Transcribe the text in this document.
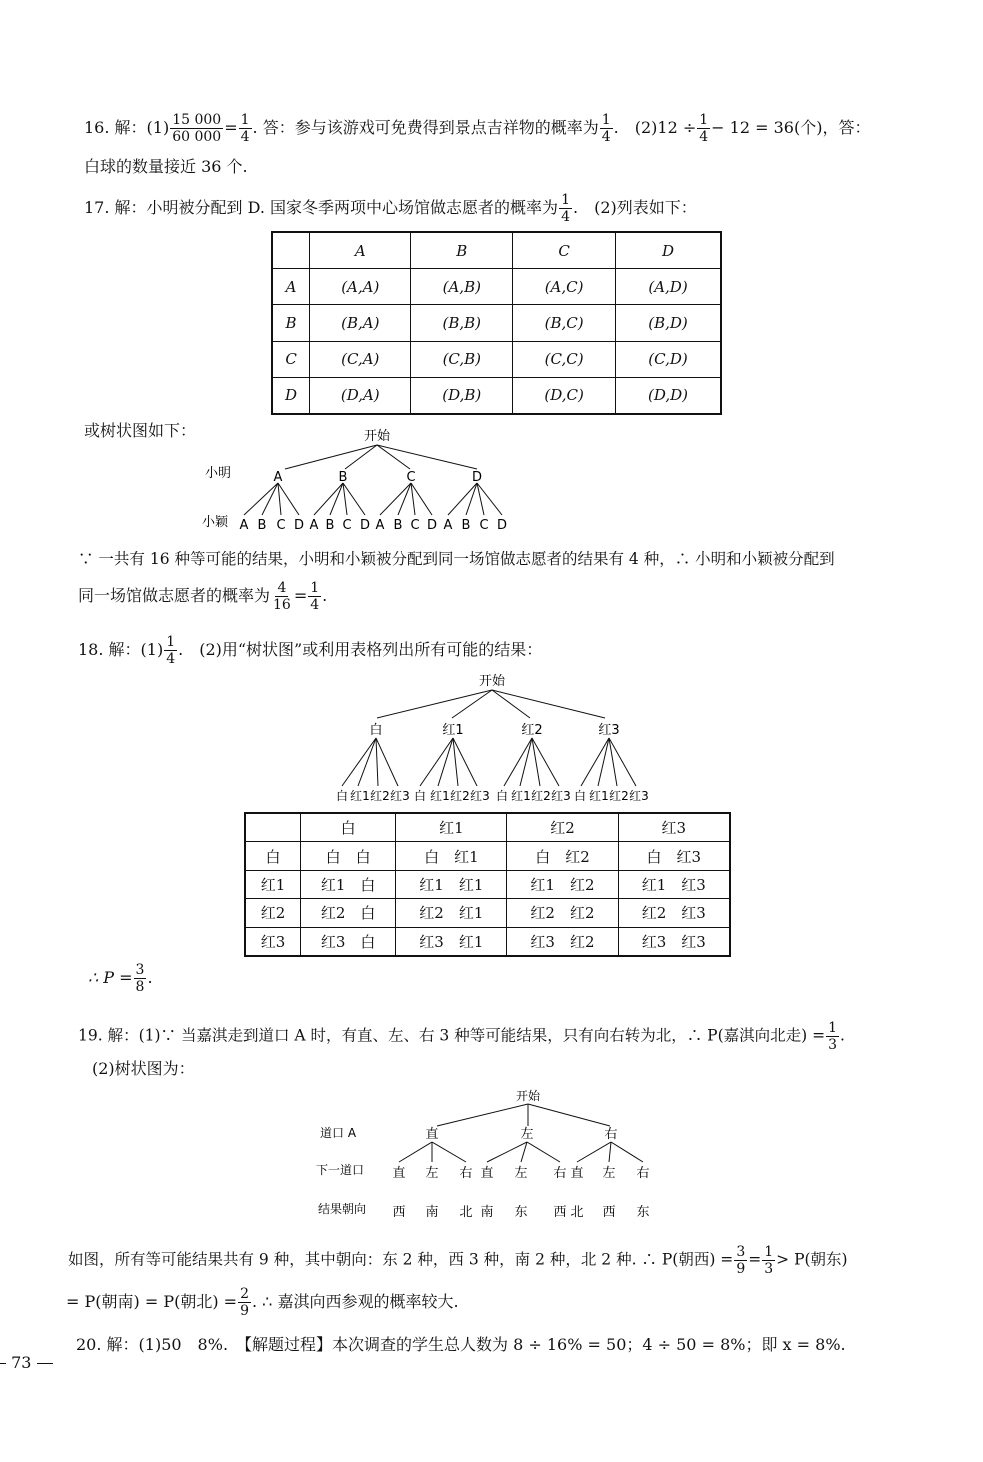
16. 解：$(1) \frac{15 000}{60 000} = \frac{1}{4}$ . 答：参与该游戏可免费得到景点吉祥物的概率为 $\frac{1}{4}$ .　$(2)12 \div \frac{1}{4} - 12 = 36$(个)，答：
白球的数量接近 36 个.
17. 解：小明被分配到 D. 国家冬季两项中心场馆做志愿者的概率为 $\frac{1}{4}$ .　(2)列表如下：
	A	B	C	D
A	(A,A)	(A,B)	(A,C)	(A,D)
B	(B,A)	(B,B)	(B,C)	(B,D)
C	(C,A)	(C,B)	(C,C)	(C,D)
D	(D,A)	(D,B)	(D,C)	(D,D)
或树状图如下：	开始
小明
小颖
A	B	C	D
A B C D A B C D A B C D A B C D
∵ 一共有 16 种等可能的结果，小明和小颖被分配到同一场馆做志愿者的结果有 4 种，∴ 小明和小颖被分配到
同一场馆做志愿者的概率为 $\frac{4}{16} = \frac{1}{4}$ .
18. 解：$(1) \frac{1}{4}$ .　(2)用“树状图”或利用表格列出所有可能的结果：
开始
白	红1	红2	红3
白 红1 红2 红3 白 红1 红2 红3 白 红1 红2 红3 白 红1 红2 红3
	白	红1	红2	红3
白	白　白	白　红1	白　红2	白　红3
红1	红1　白	红1　红1	红1　红2	红1　红3
红2	红2　白	红2　红1	红2　红2	红2　红3
红3	红3　白	红3　红1	红3　红2	红3　红3
∴ $P = \frac{3}{8}$ .
19. 解：(1)∵ 当嘉淇走到道口 A 时，有直、左、右 3 种等可能结果，只有向右转为北，∴ P(嘉淇向北走) = $\frac{1}{3}$ .
(2)树状图为：
开始
道口 A
下一道口
结果朝向
直	左	右
直 左 右 直 左 右 直 左 右
西 南 北 南 东 西 北 西 东
如图，所有等可能结果共有 9 种，其中朝向：东 2 种，西 3 种，南 2 种，北 2 种. ∴ P(朝西) = $\frac{3}{9} = \frac{1}{3} > P$(朝东)
= P(朝南) = P(朝北) = $\frac{2}{9}$ . ∴ 嘉淇向西参观的概率较大.
20. 解：(1)50　8%.　【解题过程】本次调查的学生总人数为 8 ÷ 16% = 50；4 ÷ 50 = 8%；即 x = 8%.
73
